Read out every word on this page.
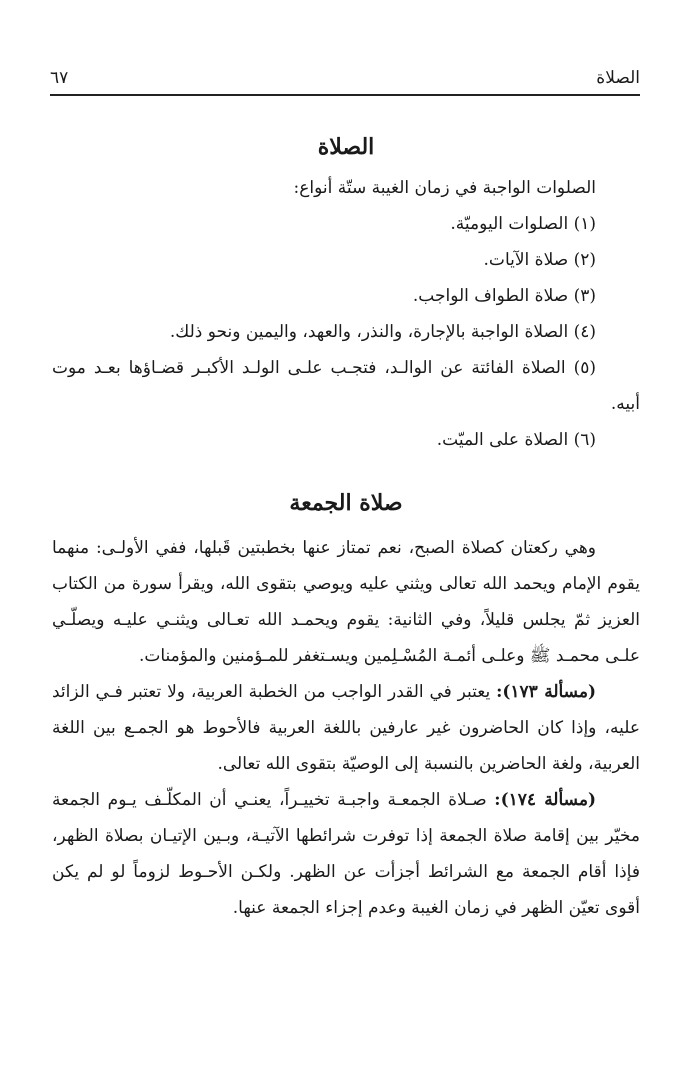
الصلاة
٦٧
الصلاة

الصلوات الواجبة في زمان الغيبة ستّة أنواع:

(١) الصلوات اليوميّة.

(٢) صلاة الآيات.

(٣) صلاة الطواف الواجب.

(٤) الصلاة الواجبة بالإجارة، والنذر، والعهد، واليمين ونحو ذلك.

(٥) الصلاة الفائتة عن الوالـد، فتجـب علـى الولـد الأكبـر قضـاؤها بعـد موت أبيه.

(٦) الصلاة على الميّت.

صلاة الجمعة

وهي ركعتان كصلاة الصبح، نعم تمتاز عنها بخطبتين قَبلها، ففي الأولـى: منهما يقوم الإمام ويحمد الله تعالى ويثني عليه ويوصي بتقوى الله، ويقرأ سورة من الكتاب العزيز ثمّ يجلس قليلاً، وفي الثانية: يقوم ويحمـد الله تعـالى ويثنـي عليـه ويصلّـي علـى محمـد ﷺ وعلـى أئمـة المُسْـلِمين ويسـتغفر للمـؤمنين والمؤمنات.

(مسألة ١٧٣): يعتبر في القدر الواجب من الخطبة العربية، ولا تعتبر فـي الزائد عليه، وإذا كان الحاضرون غير عارفين باللغة العربية فالأحوط هو الجمـع بين اللغة العربية، ولغة الحاضرين بالنسبة إلى الوصيّة بتقوى الله تعالى.

(مسألة ١٧٤): صـلاة الجمعـة واجبـة تخييـراً، يعنـي أن المكلّـف يـوم الجمعة مخيّر بين إقامة صلاة الجمعة إذا توفرت شرائطها الآتيـة، وبـين الإتيـان بصلاة الظهر، فإذا أقام الجمعة مع الشرائط أجزأت عن الظهر. ولكـن الأحـوط لزوماً لو لم يكن أقوى تعيّن الظهر في زمان الغيبة وعدم إجزاء الجمعة عنها.
